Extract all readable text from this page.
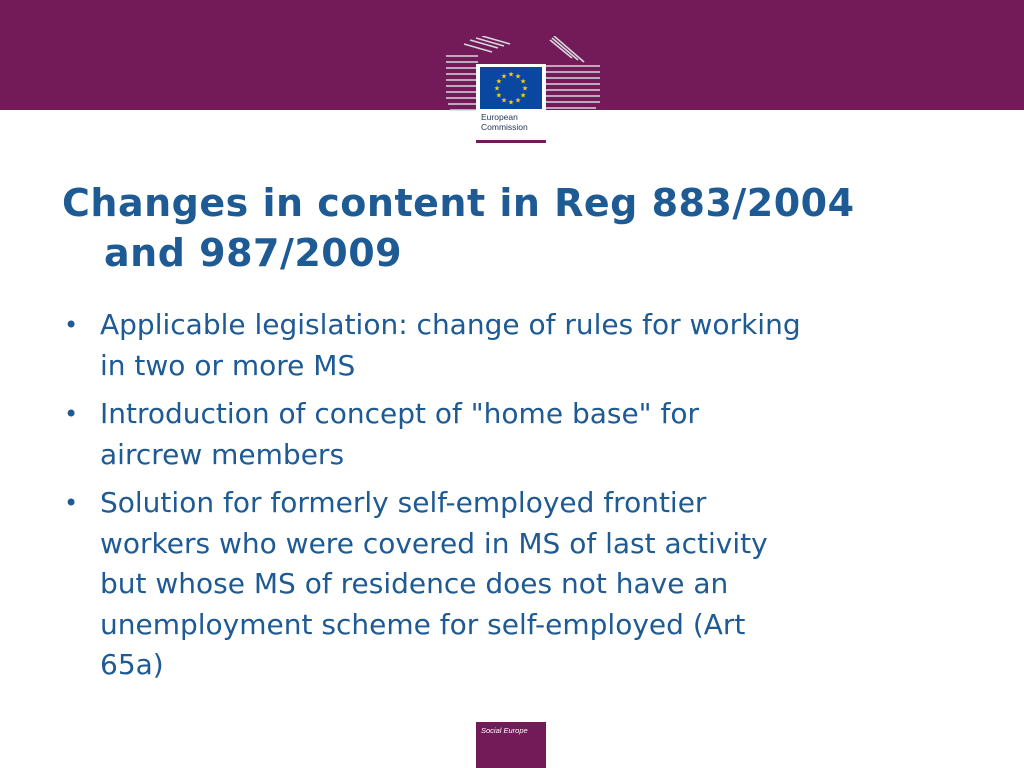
★ ★
★
★
★
★
★
★
★
★
★
★
European
Commission
Changes in content in Reg 883/2004
and 987/2009
• Applicable legislation: change of rules for working
in two or more MS
• Introduction of concept of "home base" for
aircrew members
• Solution for formerly self-employed frontier
workers who were covered in MS of last activity
but whose MS of residence does not have an
unemployment scheme for self-employed (Art
65a)
Social Europe
